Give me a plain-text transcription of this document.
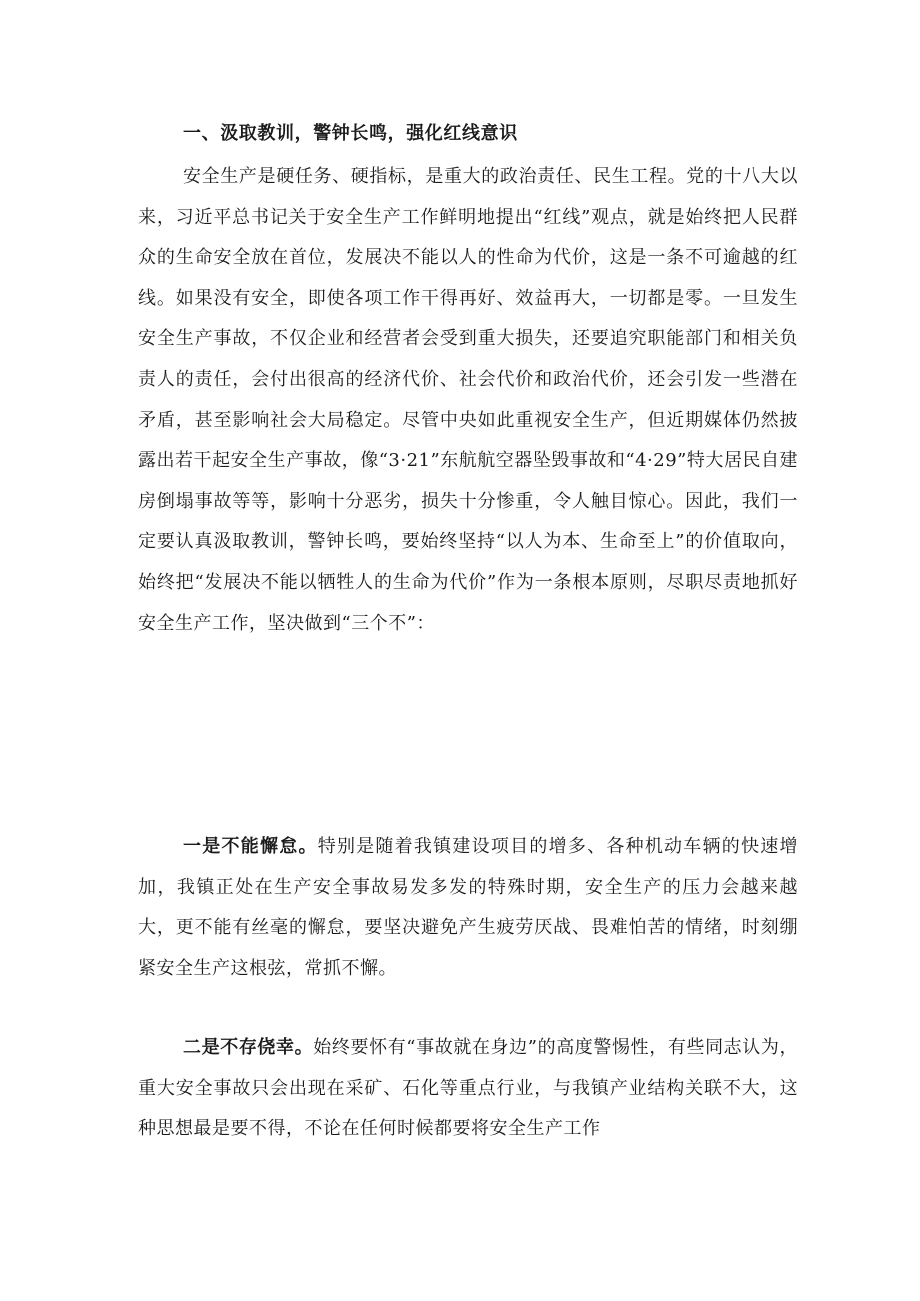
一、汲取教训，警钟长鸣，强化红线意识

安全生产是硬任务、硬指标，是重大的政治责任、民生工程。党的十八大以来，习近平总书记关于安全生产工作鲜明地提出“红线”观点，就是始终把人民群众的生命安全放在首位，发展决不能以人的性命为代价，这是一条不可逾越的红线。如果没有安全，即使各项工作干得再好、效益再大，一切都是零。一旦发生安全生产事故，不仅企业和经营者会受到重大损失，还要追究职能部门和相关负责人的责任，会付出很高的经济代价、社会代价和政治代价，还会引发一些潜在矛盾，甚至影响社会大局稳定。尽管中央如此重视安全生产，但近期媒体仍然披露出若干起安全生产事故，像“3·21”东航航空器坠毁事故和“4·29”特大居民自建房倒塌事故等等，影响十分恶劣，损失十分惨重，令人触目惊心。因此，我们一定要认真汲取教训，警钟长鸣，要始终坚持“以人为本、生命至上”的价值取向，始终把“发展决不能以牺牲人的生命为代价”作为一条根本原则，尽职尽责地抓好安全生产工作，坚决做到“三个不”：

一是不能懈怠。特别是随着我镇建设项目的增多、各种机动车辆的快速增加，我镇正处在生产安全事故易发多发的特殊时期，安全生产的压力会越来越大，更不能有丝毫的懈怠，要坚决避免产生疲劳厌战、畏难怕苦的情绪，时刻绷紧安全生产这根弦，常抓不懈。

二是不存侥幸。始终要怀有“事故就在身边”的高度警惕性，有些同志认为，重大安全事故只会出现在采矿、石化等重点行业，与我镇产业结构关联不大，这种思想最是要不得，不论在任何时候都要将安全生产工作
